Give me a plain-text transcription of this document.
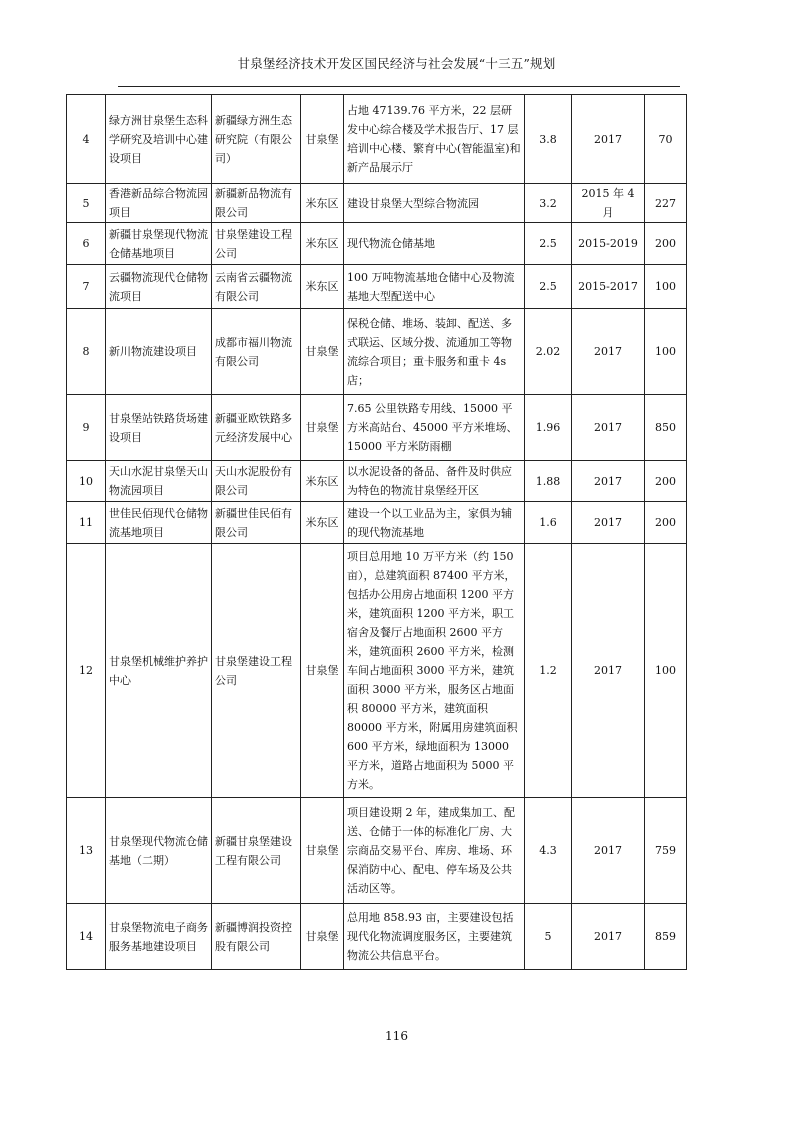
甘泉堡经济技术开发区国民经济与社会发展“十三五”规划
4	绿方洲甘泉堡生态科学研究及培训中心建设项目	新疆绿方洲生态研究院（有限公司）	甘泉堡	占地 47139.76 平方米，22 层研发中心综合楼及学术报告厅、17 层培训中心楼、繁育中心(智能温室)和新产品展示厅	3.8	2017	70
5	香港新品综合物流园项目	新疆新品物流有限公司	米东区	建设甘泉堡大型综合物流园	3.2	2015 年 4 月	227
6	新疆甘泉堡现代物流仓储基地项目	甘泉堡建设工程公司	米东区	现代物流仓储基地	2.5	2015-2019	200
7	云疆物流现代仓储物流项目	云南省云疆物流有限公司	米东区	100 万吨物流基地仓储中心及物流基地大型配送中心	2.5	2015-2017	100
8	新川物流建设项目	成都市福川物流有限公司	甘泉堡	保税仓储、堆场、装卸、配送、多式联运、区域分拨、流通加工等物流综合项目；重卡服务和重卡 4s 店；	2.02	2017	100
9	甘泉堡站铁路货场建设项目	新疆亚欧铁路多元经济发展中心	甘泉堡	7.65 公里铁路专用线、15000 平方米高站台、45000 平方米堆场、15000 平方米防雨棚	1.96	2017	850
10	天山水泥甘泉堡天山物流园项目	天山水泥股份有限公司	米东区	以水泥设备的备品、备件及时供应为特色的物流甘泉堡经开区	1.88	2017	200
11	世佳民佰现代仓储物流基地项目	新疆世佳民佰有限公司	米东区	建设一个以工业品为主，家俱为辅的现代物流基地	1.6	2017	200
12	甘泉堡机械维护养护中心	甘泉堡建设工程公司	甘泉堡	项目总用地 10 万平方米（约 150 亩），总建筑面积 87400 平方米，包括办公用房占地面积 1200 平方米，建筑面积 1200 平方米，职工宿舍及餐厅占地面积 2600 平方米，建筑面积 2600 平方米，检测车间占地面积 3000 平方米，建筑面积 3000 平方米，服务区占地面积 80000 平方米，建筑面积 80000 平方米，附属用房建筑面积 600 平方米，绿地面积为 13000 平方米，道路占地面积为 5000 平方米。	1.2	2017	100
13	甘泉堡现代物流仓储基地（二期）	新疆甘泉堡建设工程有限公司	甘泉堡	项目建设期 2 年，建成集加工、配送、仓储于一体的标准化厂房、大宗商品交易平台、库房、堆场、环保消防中心、配电、停车场及公共活动区等。	4.3	2017	759
14	甘泉堡物流电子商务服务基地建设项目	新疆博润投资控股有限公司	甘泉堡	总用地 858.93 亩，主要建设包括现代化物流调度服务区，主要建筑物流公共信息平台。	5	2017	859
116
